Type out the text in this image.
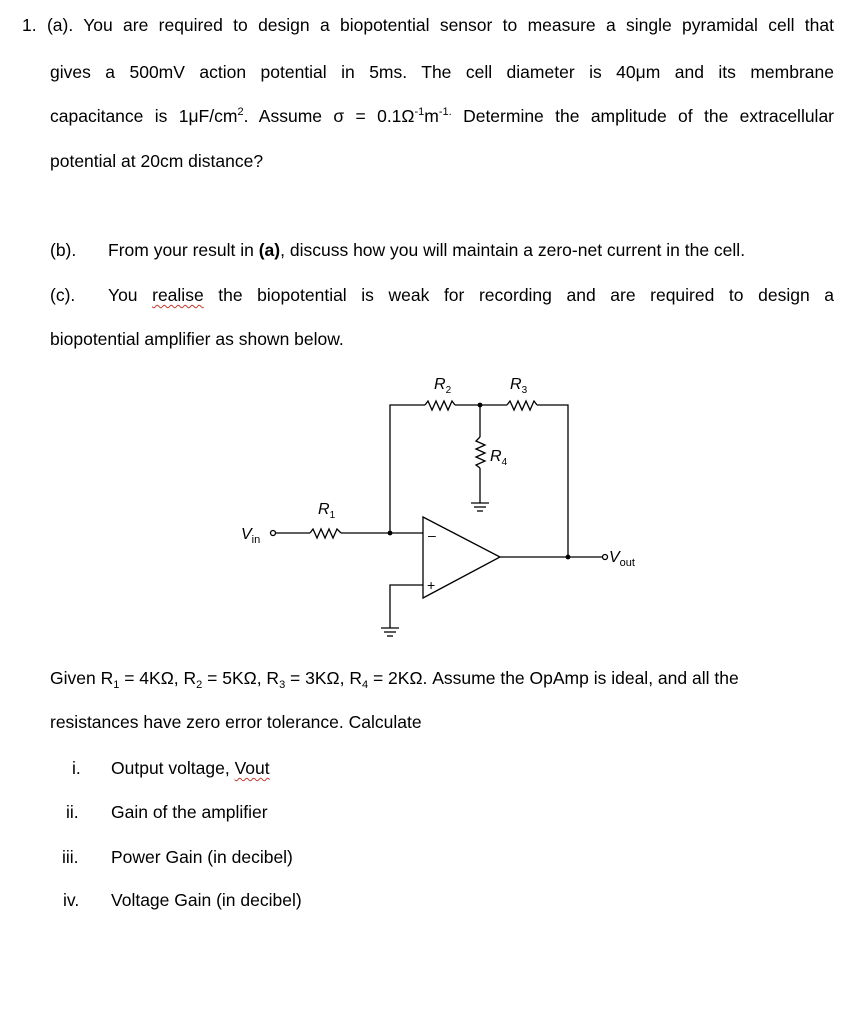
1. (a). You are required to design a biopotential sensor to measure a single pyramidal cell that
gives a 500mV action potential in 5ms. The cell diameter is 40μm and its membrane
capacitance is $1\mu F/cm^2$. Assume $\sigma = 0.1\Omega^{-1}m^{-1.}$ Determine the amplitude of the extracellular
potential at 20cm distance?
(b). From your result in (a), discuss how you will maintain a zero-net current in the cell.
(c). You realise the biopotential is weak for recording and are required to design a
biopotential amplifier as shown below.
$R_2$	$R_3$
$R_4$
$R_1$
$V_{in}$
$V_{out}$
–
+
Given $R_1 = 4K\Omega$, $R_2 = 5K\Omega$, $R_3 = 3K\Omega$, $R_4 = 2K\Omega$. Assume the OpAmp is ideal, and all the
resistances have zero error tolerance. Calculate
i. Output voltage, Vout
ii. Gain of the amplifier
iii. Power Gain (in decibel)
iv. Voltage Gain (in decibel)
